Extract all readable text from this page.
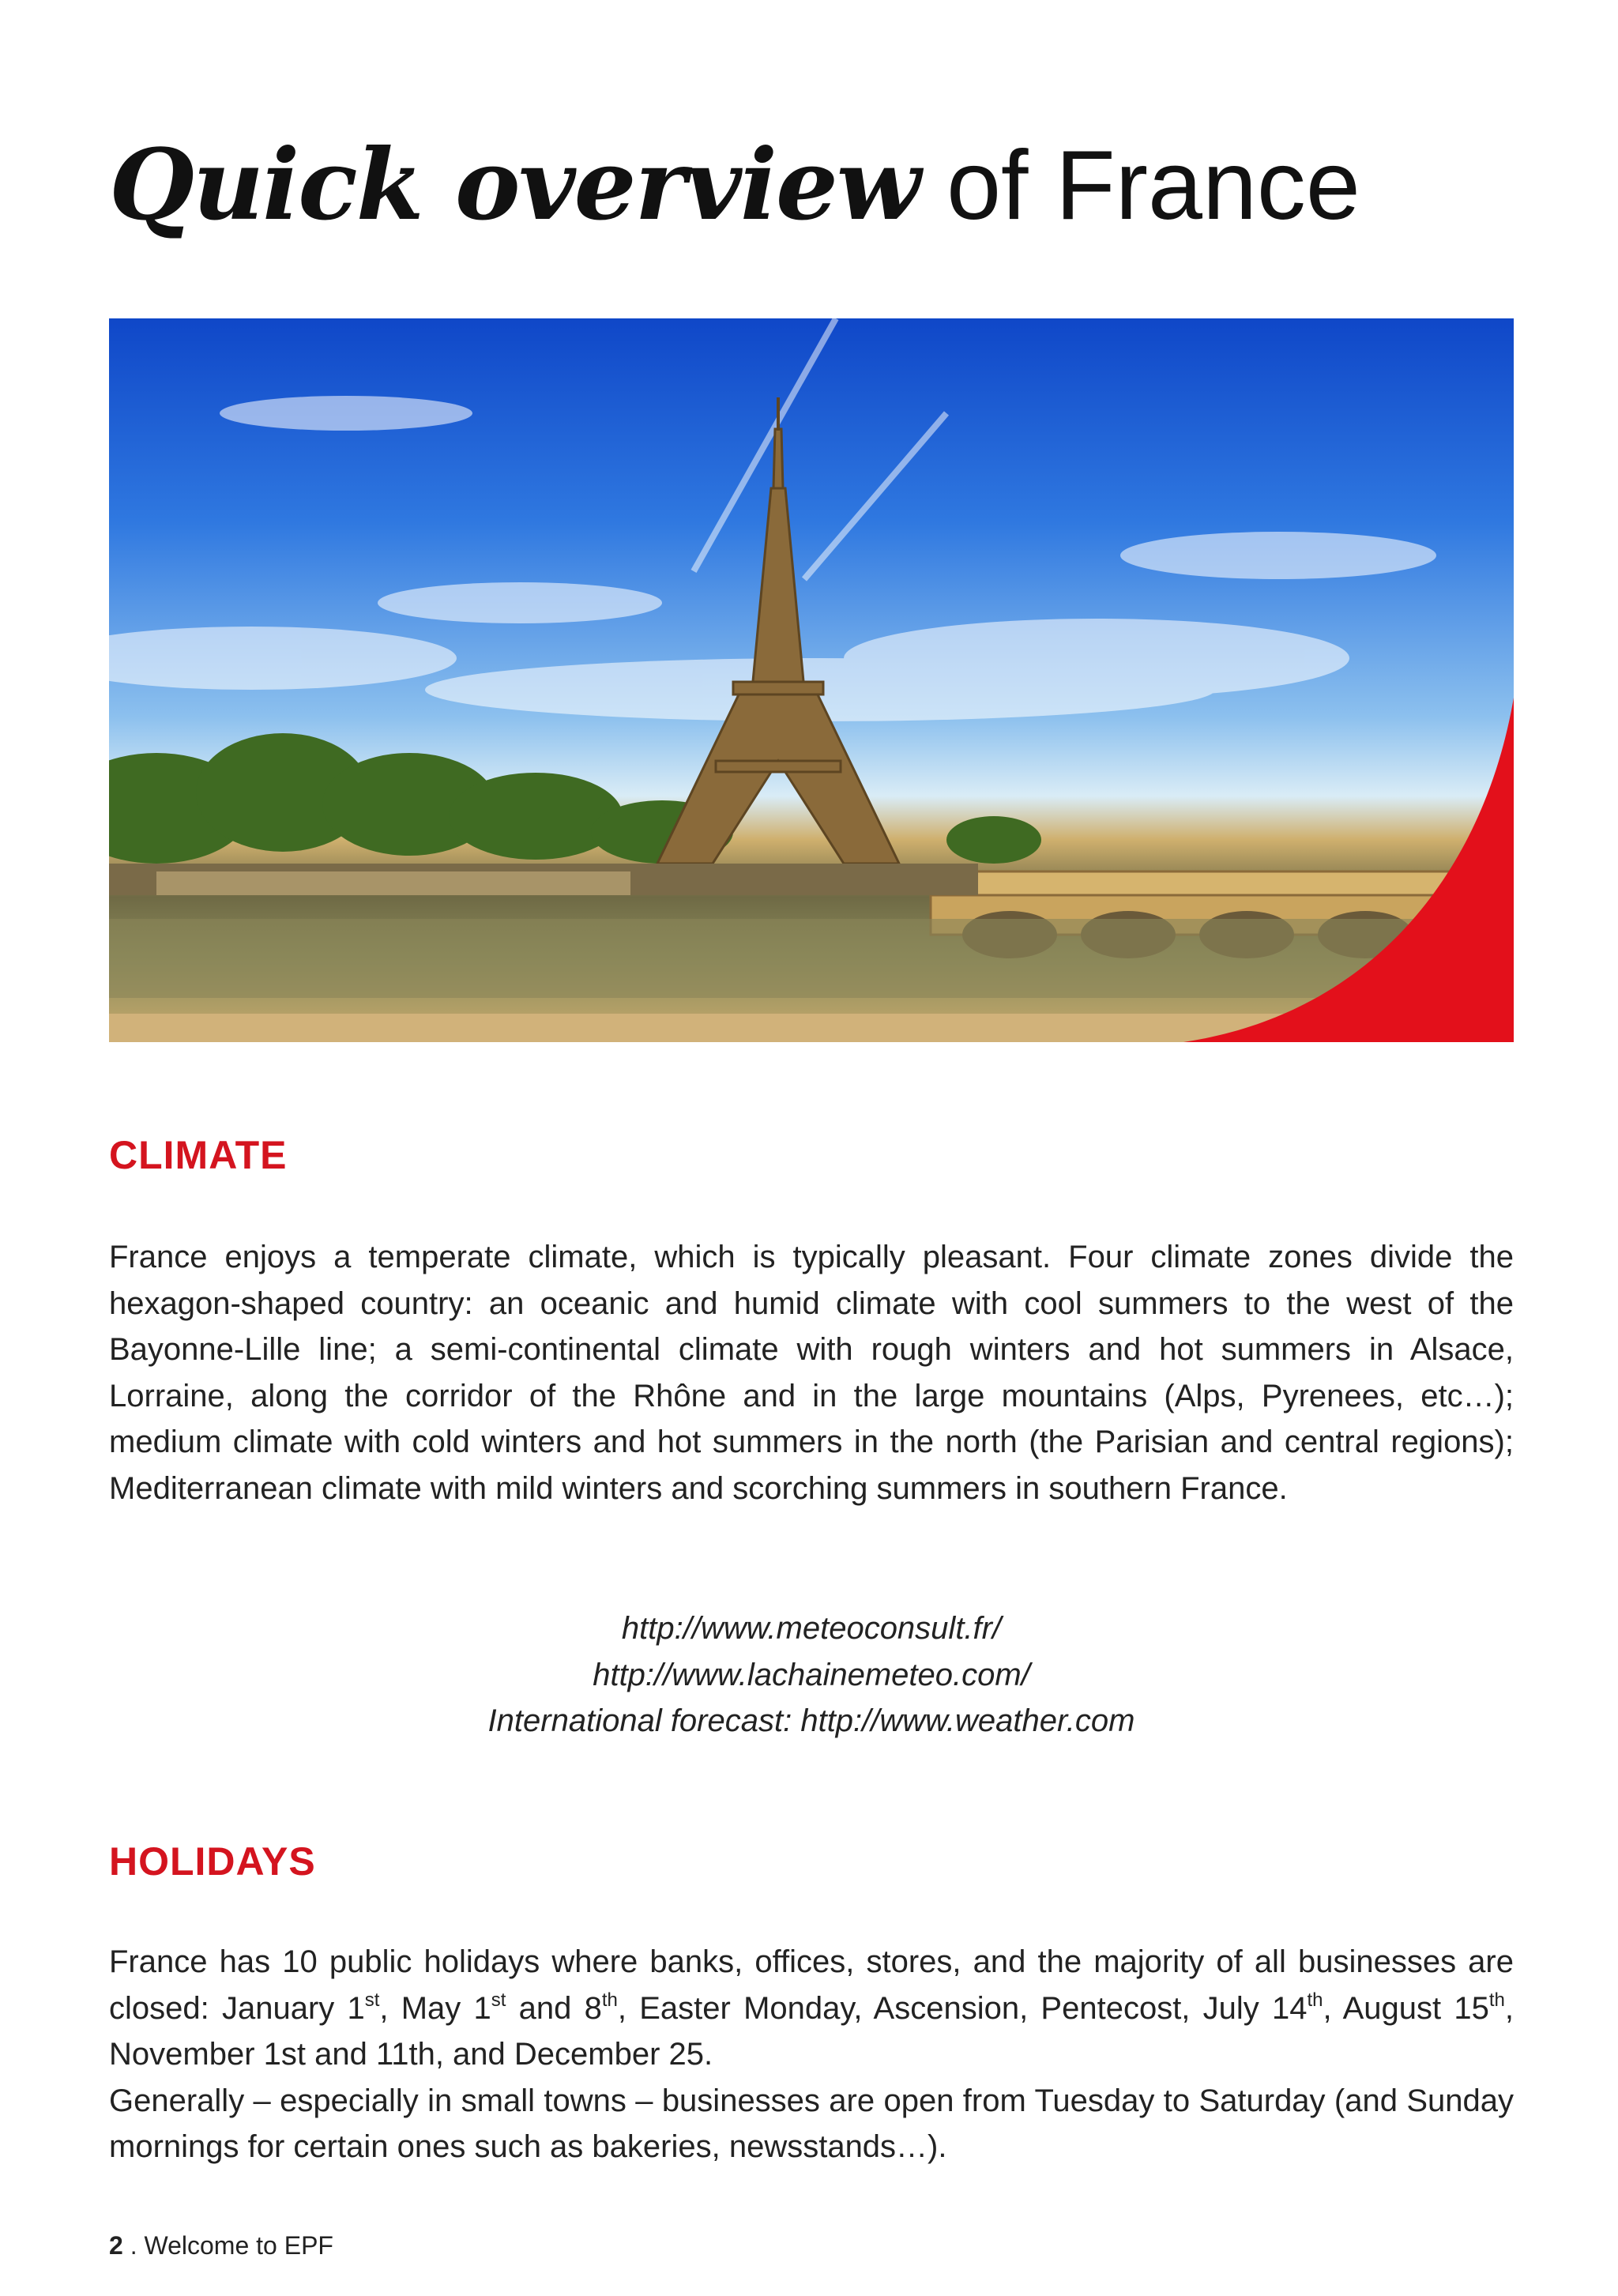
Quick overview of France
CLIMATE

France enjoys a temperate climate, which is typically pleasant. Four climate zones divide the hexagon-shaped country: an oceanic and humid climate with cool summers to the west of the Bayonne-Lille line; a semi-continental climate with rough winters and hot summers in Alsace, Lorraine, along the corridor of the Rhône and in the large mountains (Alps, Pyrenees, etc…); medium climate with cold winters and hot summers in the north (the Parisian and central regions); Mediterranean climate with mild winters and scorching summers in southern France.

http://www.meteoconsult.fr/
http://www.lachainemeteo.com/
International forecast: http://www.weather.com
HOLIDAYS

France has 10 public holidays where banks, offices, stores, and the majority of all businesses are closed: January 1st, May 1st and 8th, Easter Monday, Ascension, Pentecost, July 14th, August 15th, November 1st and 11th, and December 25.

Generally – especially in small towns – businesses are open from Tuesday to Saturday (and Sunday mornings for certain ones such as bakeries, newsstands…).

2 . Welcome to EPF
